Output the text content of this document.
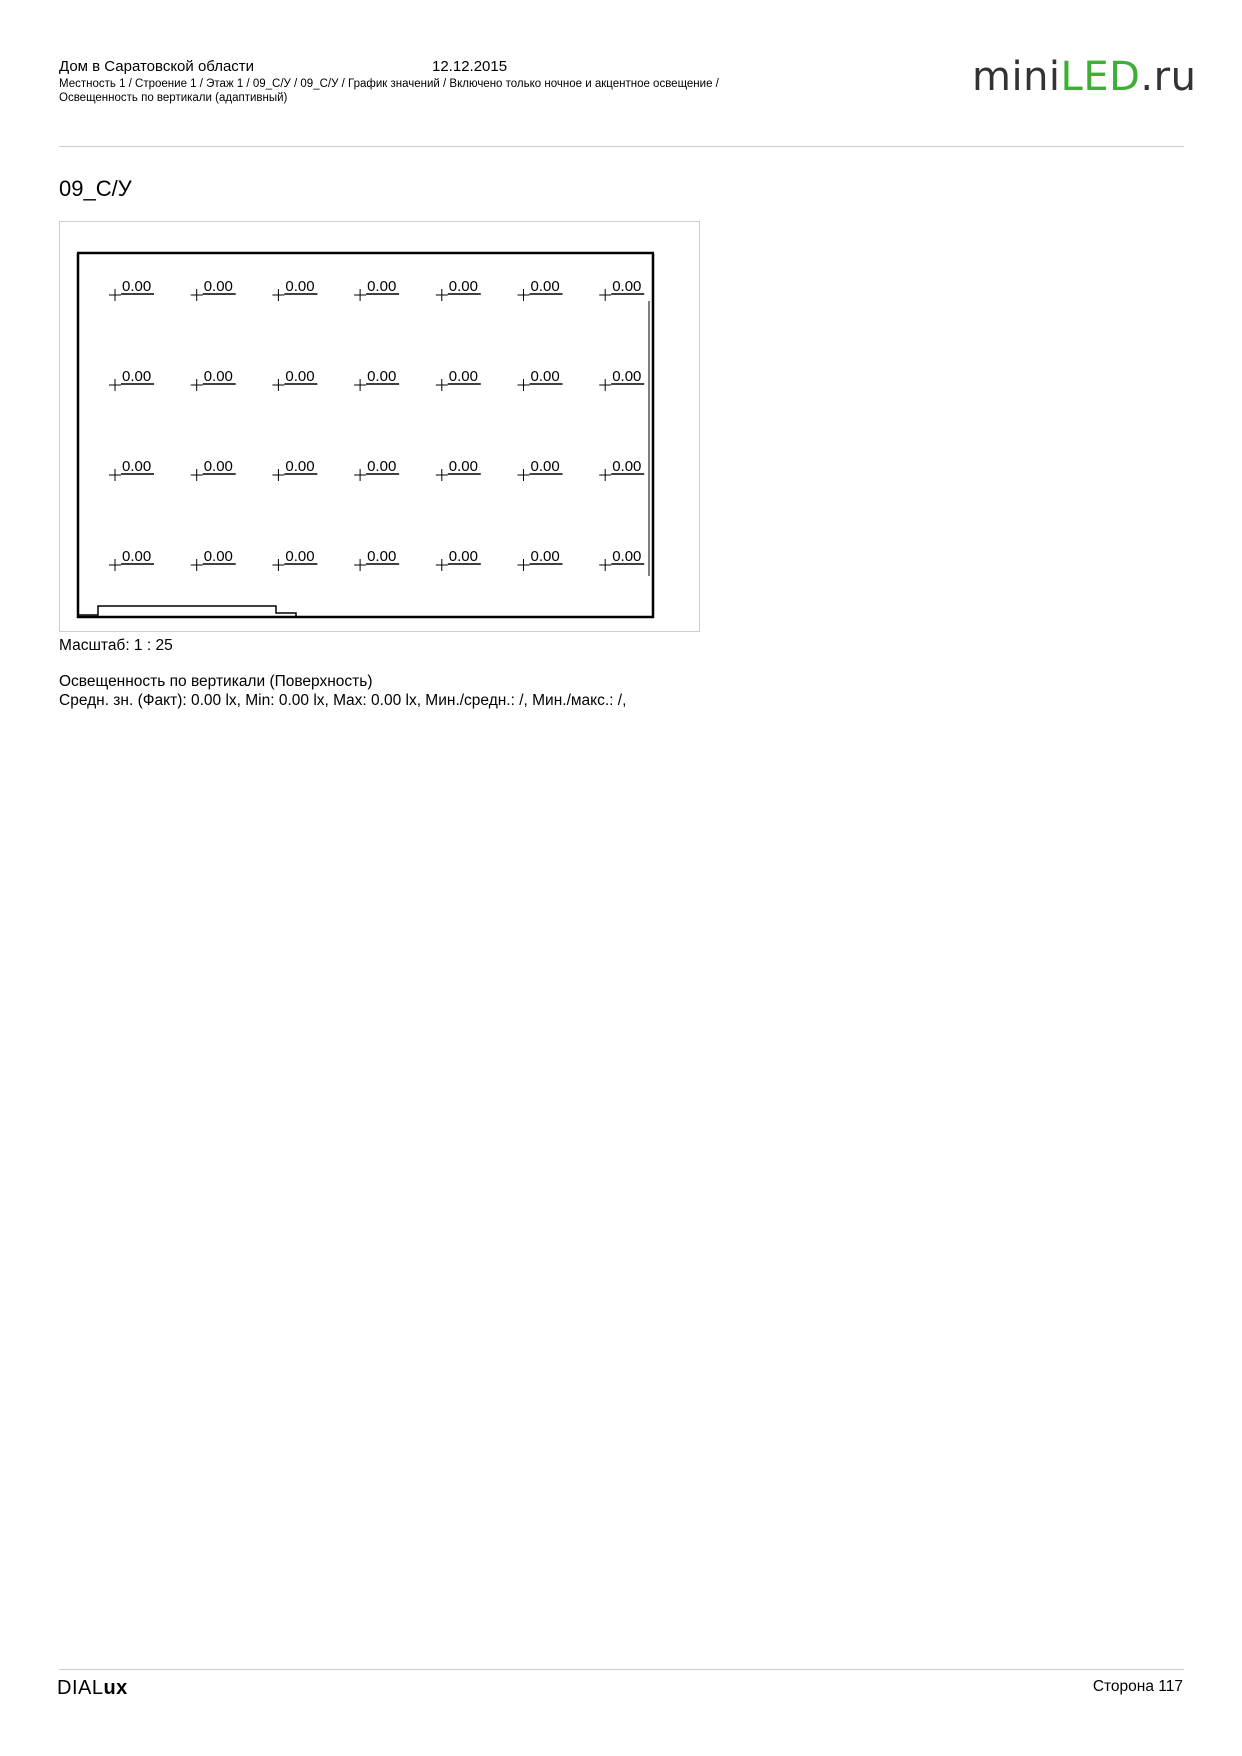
Дом в Саратовской области	12.12.2015
Местность 1 / Строение 1 / Этаж 1 / 09_С/У / 09_С/У / График значений / Включено только ночное и акцентное освещение /
Освещенность по вертикали (адаптивный)	miniLED.ru
09_С/У
0.00	0.00	0.00	0.00	0.00	0.00	0.00
0.00	0.00	0.00	0.00	0.00	0.00	0.00
0.00	0.00	0.00	0.00	0.00	0.00	0.00
0.00	0.00	0.00	0.00	0.00	0.00	0.00
Масштаб: 1 : 25
Освещенность по вертикали (Поверхность)
Средн. зн. (Факт): 0.00 lx, Min: 0.00 lx, Max: 0.00 lx, Мин./средн.: /, Мин./макс.: /,
DIALux	Сторона 117
